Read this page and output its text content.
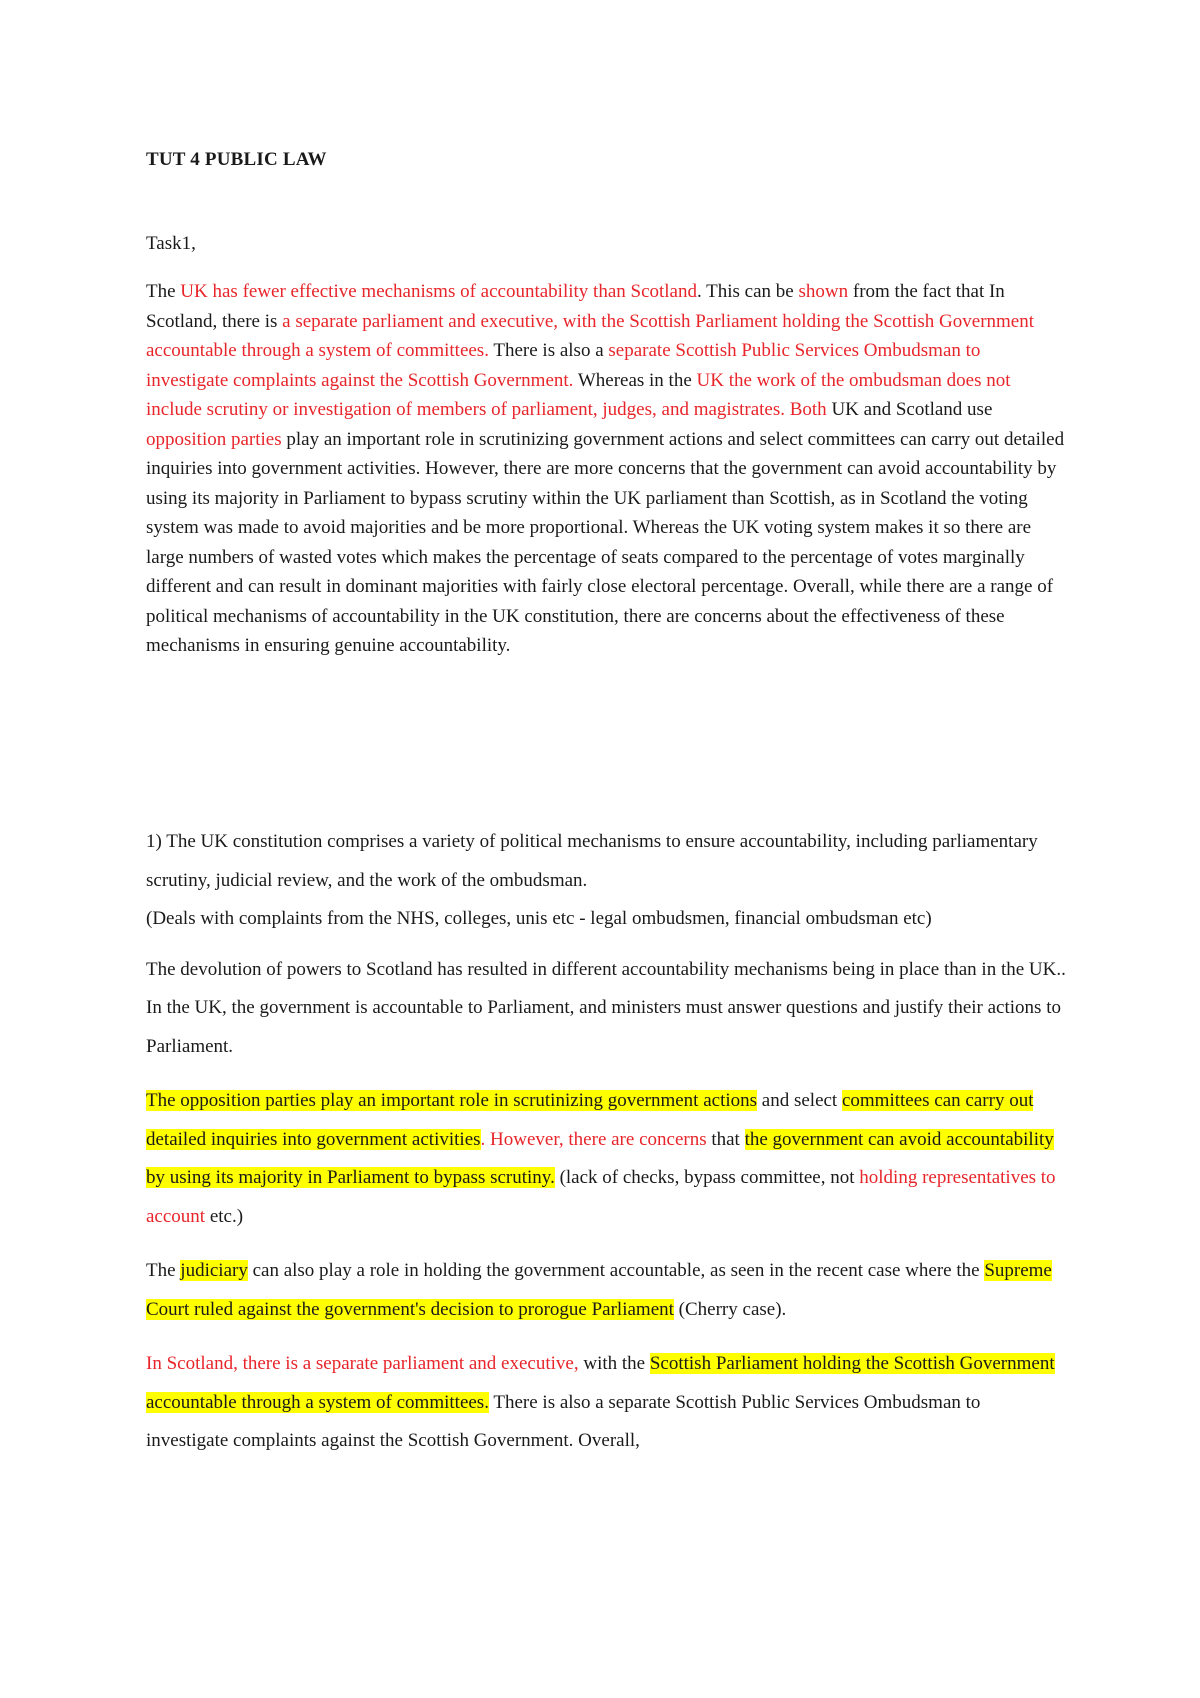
TUT 4 PUBLIC LAW

Task1,

The UK has fewer effective mechanisms of accountability than Scotland. This can be shown from the fact that In Scotland, there is a separate parliament and executive, with the Scottish Parliament holding the Scottish Government accountable through a system of committees. There is also a separate Scottish Public Services Ombudsman to investigate complaints against the Scottish Government. Whereas in the UK the work of the ombudsman does not include scrutiny or investigation of members of parliament, judges, and magistrates. Both UK and Scotland use opposition parties play an important role in scrutinizing government actions and select committees can carry out detailed inquiries into government activities. However, there are more concerns that the government can avoid accountability by using its majority in Parliament to bypass scrutiny within the UK parliament than Scottish, as in Scotland the voting system was made to avoid majorities and be more proportional. Whereas the UK voting system makes it so there are large numbers of wasted votes which makes the percentage of seats compared to the percentage of votes marginally different and can result in dominant majorities with fairly close electoral percentage. Overall, while there are a range of political mechanisms of accountability in the UK constitution, there are concerns about the effectiveness of these mechanisms in ensuring genuine accountability.

1) The UK constitution comprises a variety of political mechanisms to ensure accountability, including parliamentary scrutiny, judicial review, and the work of the ombudsman.
(Deals with complaints from the NHS, colleges, unis etc - legal ombudsmen, financial ombudsman etc)

The devolution of powers to Scotland has resulted in different accountability mechanisms being in place than in the UK.. In the UK, the government is accountable to Parliament, and ministers must answer questions and justify their actions to Parliament.

The opposition parties play an important role in scrutinizing government actions and select committees can carry out detailed inquiries into government activities. However, there are concerns that the government can avoid accountability by using its majority in Parliament to bypass scrutiny. (lack of checks, bypass committee, not holding representatives to account etc.)

The judiciary can also play a role in holding the government accountable, as seen in the recent case where the Supreme Court ruled against the government's decision to prorogue Parliament (Cherry case).

In Scotland, there is a separate parliament and executive, with the Scottish Parliament holding the Scottish Government accountable through a system of committees. There is also a separate Scottish Public Services Ombudsman to investigate complaints against the Scottish Government. Overall,
